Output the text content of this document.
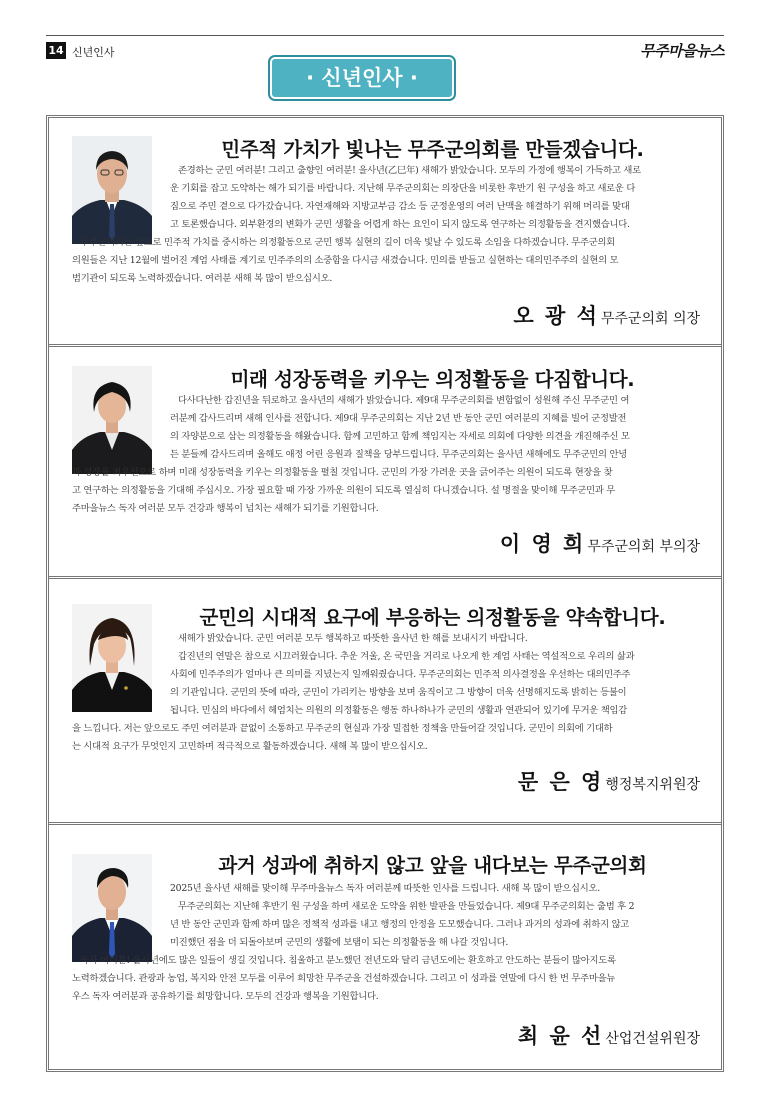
14 신년인사	무주마을뉴스
· 신년인사 ·
민주적 가치가 빛나는 무주군의회를 만들겠습니다.
존경하는 군민 여러분! 그리고 출향인 여러분! 을사년(乙巳年) 새해가 밝았습니다. 모두의 가정에 행복이 가득하고 새로
운 기회를 잡고 도약하는 해가 되기를 바랍니다. 지난해 무주군의회는 의장단을 비롯한 후반기 원 구성을 하고 새로운 다
짐으로 주민 곁으로 다가갔습니다. 자연재해와 지방교부금 감소 등 군정운영의 여러 난맥을 해결하기 위해 머리를 맞대
고 토론했습니다. 외부환경의 변화가 군민 생활을 어렵게 하는 요인이 되지 않도록 연구하는 의정활동을 견지했습니다.
무주군의회는 앞으로 민주적 가치를 중시하는 의정활동으로 군민 행복 실현의 길이 더욱 빛날 수 있도록 소임을 다하겠습니다. 무주군의회
의원들은 지난 12월에 벌어진 계엄 사태를 계기로 민주주의의 소중함을 다시금 새겼습니다. 민의를 받들고 실현하는 대의민주주의 실현의 모
범기관이 되도록 노력하겠습니다. 여러분 새해 복 많이 받으십시오.
오 광 석 무주군의회 의장
미래 성장동력을 키우는 의정활동을 다짐합니다.
다사다난한 갑진년을 뒤로하고 을사년의 새해가 밝았습니다. 제9대 무주군의회를 변함없이 성원해 주신 무주군민 여
러분께 감사드리며 새해 인사를 전합니다. 제9대 무주군의회는 지난 2년 반 동안 군민 여러분의 지혜를 빌어 군정발전
의 자양분으로 삼는 의정활동을 해왔습니다. 함께 고민하고 함께 책임지는 자세로 의회에 다양한 의견을 개진해주신 모
든 분들께 감사드리며 올해도 애정 어린 응원과 질책을 당부드립니다. 무주군의회는 을사년 새해에도 무주군민의 안녕
과 성장을 최우선으로 하며 미래 성장동력을 키우는 의정활동을 펼칠 것입니다. 군민의 가장 가려운 곳을 긁어주는 의원이 되도록 현장을 찾
고 연구하는 의정활동을 기대해 주십시오. 가장 필요할 때 가장 가까운 의원이 되도록 열심히 다니겠습니다. 설 명절을 맞이해 무주군민과 무
주마을뉴스 독자 여러분 모두 건강과 행복이 넘치는 새해가 되기를 기원합니다.
이 영 희 무주군의회 부의장
군민의 시대적 요구에 부응하는 의정활동을 약속합니다.
새해가 밝았습니다. 군민 여러분 모두 행복하고 따뜻한 을사년 한 해를 보내시기 바랍니다.
갑진년의 연말은 참으로 시끄러웠습니다. 추운 겨울, 온 국민을 거리로 나오게 한 계엄 사태는 역설적으로 우리의 삶과
사회에 민주주의가 얼마나 큰 의미를 지녔는지 일깨워줬습니다. 무주군의회는 민주적 의사결정을 우선하는 대의민주주
의 기관입니다. 군민의 뜻에 따라, 군민이 가리키는 방향을 보며 움직이고 그 방향이 더욱 선명해지도록 밝히는 등불이
됩니다. 민심의 바다에서 헤엄치는 의원의 의정활동은 행동 하나하나가 군민의 생활과 연관되어 있기에 무거운 책임감
을 느낍니다. 저는 앞으로도 주민 여러분과 끝없이 소통하고 무주군의 현실과 가장 밀접한 정책을 만들어갈 것입니다. 군민이 의회에 기대하
는 시대적 요구가 무엇인지 고민하며 적극적으로 활동하겠습니다. 새해 복 많이 받으십시오.
문 은 영 행정복지위원장
과거 성과에 취하지 않고 앞을 내다보는 무주군의회
2025년 을사년 새해를 맞이해 무주마을뉴스 독자 여러분께 따뜻한 인사를 드립니다. 새해 복 많이 받으십시오.
무주군의회는 지난해 후반기 원 구성을 하며 새로운 도약을 위한 발판을 만들었습니다. 제9대 무주군의회는 출범 후 2
년 반 동안 군민과 함께 하며 많은 정책적 성과를 내고 행정의 안정을 도모했습니다. 그러나 과거의 성과에 취하지 않고
미진했던 점을 더 되돌아보며 군민의 생활에 보탬이 되는 의정활동을 해 나갈 것입니다.
독자 여러분! 을사년에도 많은 일들이 생길 것입니다. 침울하고 분노했던 전년도와 달리 금년도에는 환호하고 안도하는 분들이 많아지도록
노력하겠습니다. 관광과 농업, 복지와 안전 모두를 이루어 희망찬 무주군을 건설하겠습니다. 그리고 이 성과를 연말에 다시 한 번 무주마을뉴
우스 독자 여러분과 공유하기를 희망합니다. 모두의 건강과 행복을 기원합니다.
최 윤 선 산업건설위원장
